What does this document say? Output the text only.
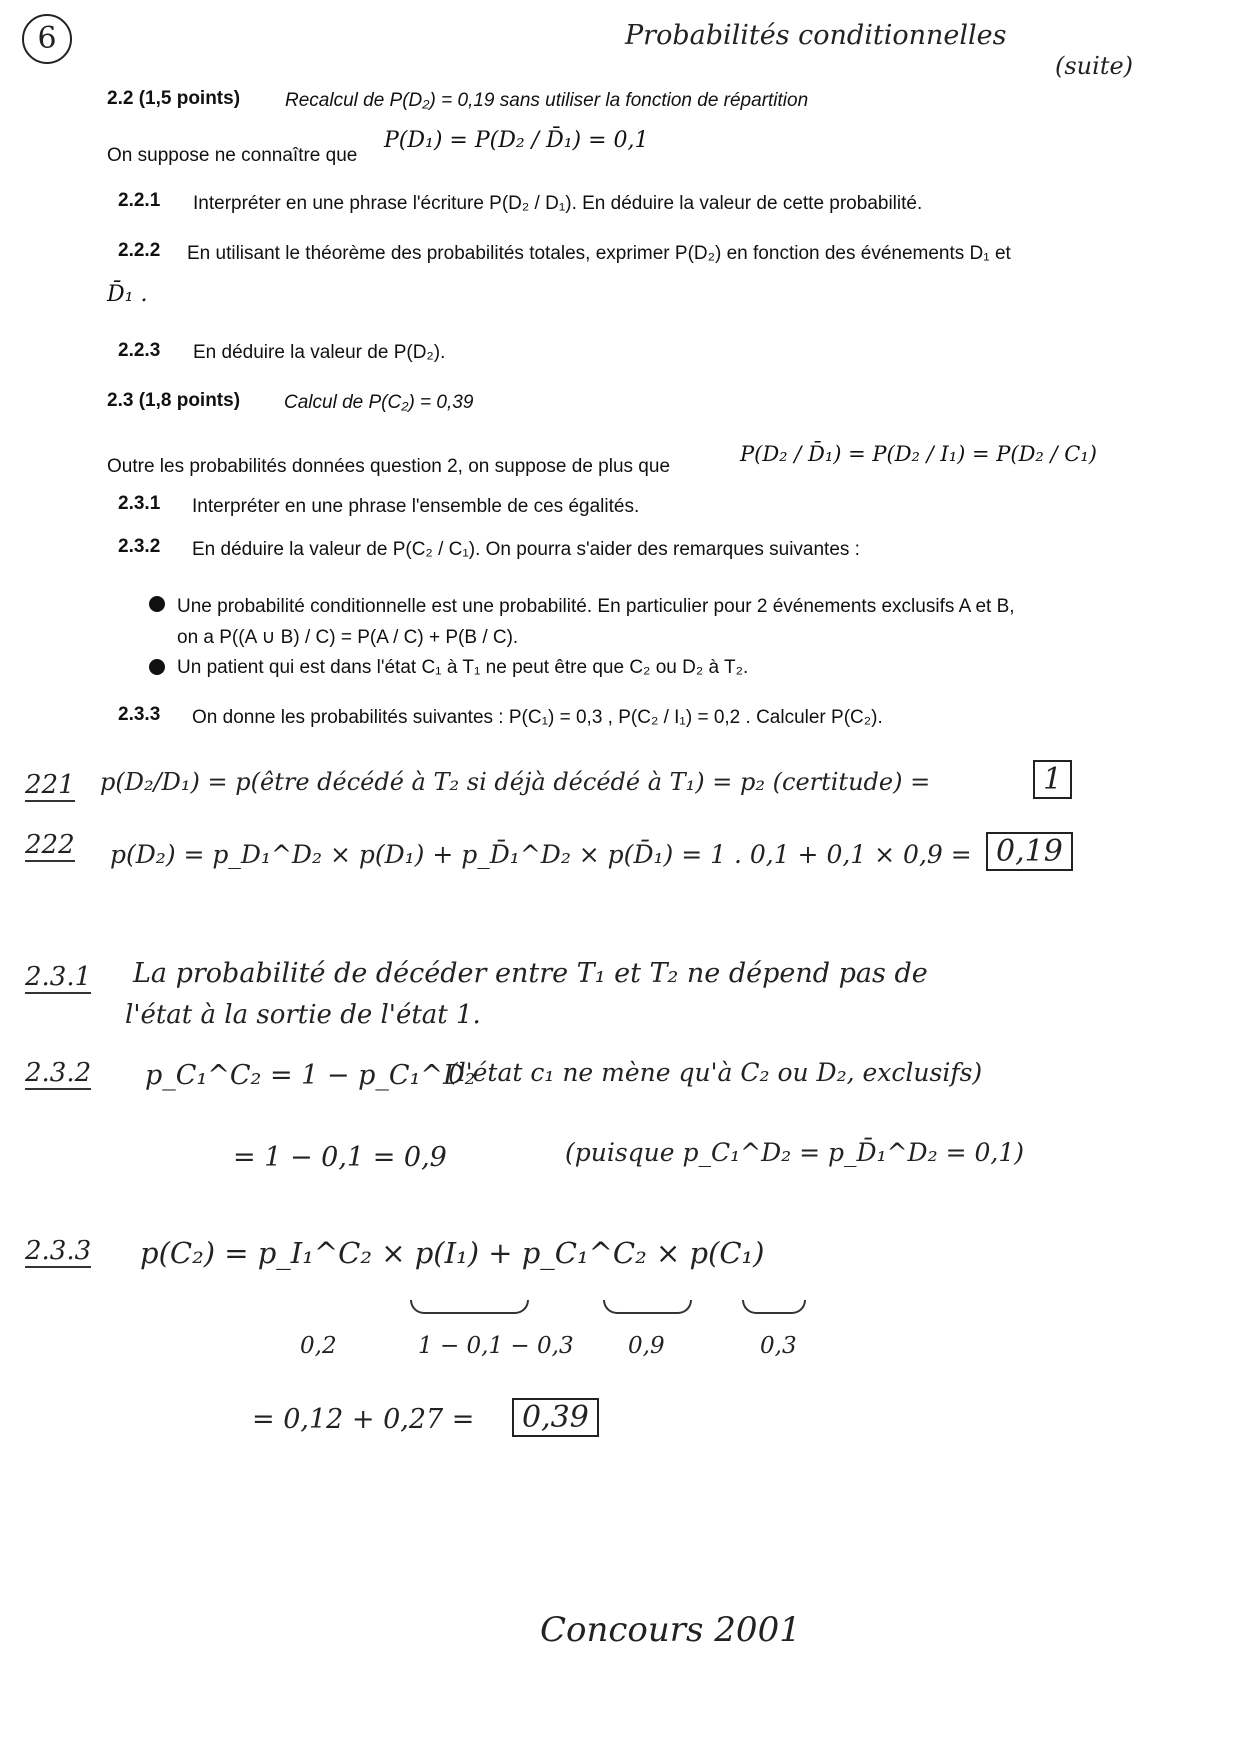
6	Probabilités conditionnelles
(suite)
2.2 (1,5 points) Recalcul de P(D₂) = 0,19 sans utiliser la fonction de répartition
On suppose ne connaître que
P(D₁) = P(D₂ / D̄₁) = 0,1
2.2.1 Interpréter en une phrase l'écriture P(D₂ / D₁). En déduire la valeur de cette probabilité.
2.2.2 En utilisant le théorème des probabilités totales, exprimer P(D₂) en fonction des événements D₁ et
D̄₁ .
2.2.3 En déduire la valeur de P(D₂).
2.3 (1,8 points) Calcul de P(C₂) = 0,39
Outre les probabilités données question 2, on suppose de plus que
P(D₂ / D̄₁) = P(D₂ / I₁) = P(D₂ / C₁)
2.3.1 Interpréter en une phrase l'ensemble de ces égalités.
2.3.2 En déduire la valeur de P(C₂ / C₁). On pourra s'aider des remarques suivantes :
Une probabilité conditionnelle est une probabilité. En particulier pour 2 événements exclusifs A et B,
on a P((A ∪ B) / C) = P(A / C) + P(B / C).
Un patient qui est dans l'état C₁ à T₁ ne peut être que C₂ ou D₂ à T₂.
2.3.3 On donne les probabilités suivantes : P(C₁) = 0,3 , P(C₂ / I₁) = 0,2 . Calculer P(C₂).
221 p(D₂/D₁) = p(être décédé à T₂ si déjà décédé à T₁) = p₂ (certitude) =	1
222 p(D₂) = p_D₁^D₂ × p(D₁) + p_D̄₁^D₂ × p(D̄₁) = 1 . 0,1 + 0,1 × 0,9 = 0,19
2.3.1 La probabilité de décéder entre T₁ et T₂ ne dépend pas de
l'état à la sortie de l'état 1.
2.3.2 p_C₁^C₂ = 1 − p_C₁^D₂
(l'état c₁ ne mène qu'à C₂ ou D₂, exclusifs)
= 1 − 0,1 = 0,9	(puisque p_C₁^D₂ = p_D̄₁^D₂ = 0,1)
2.3.3 p(C₂) = p_I₁^C₂ × p(I₁) + p_C₁^C₂ × p(C₁)
0,2	1 − 0,1 − 0,3 0,9	0,3
= 0,12 + 0,27 =	0,39
Concours 2001
